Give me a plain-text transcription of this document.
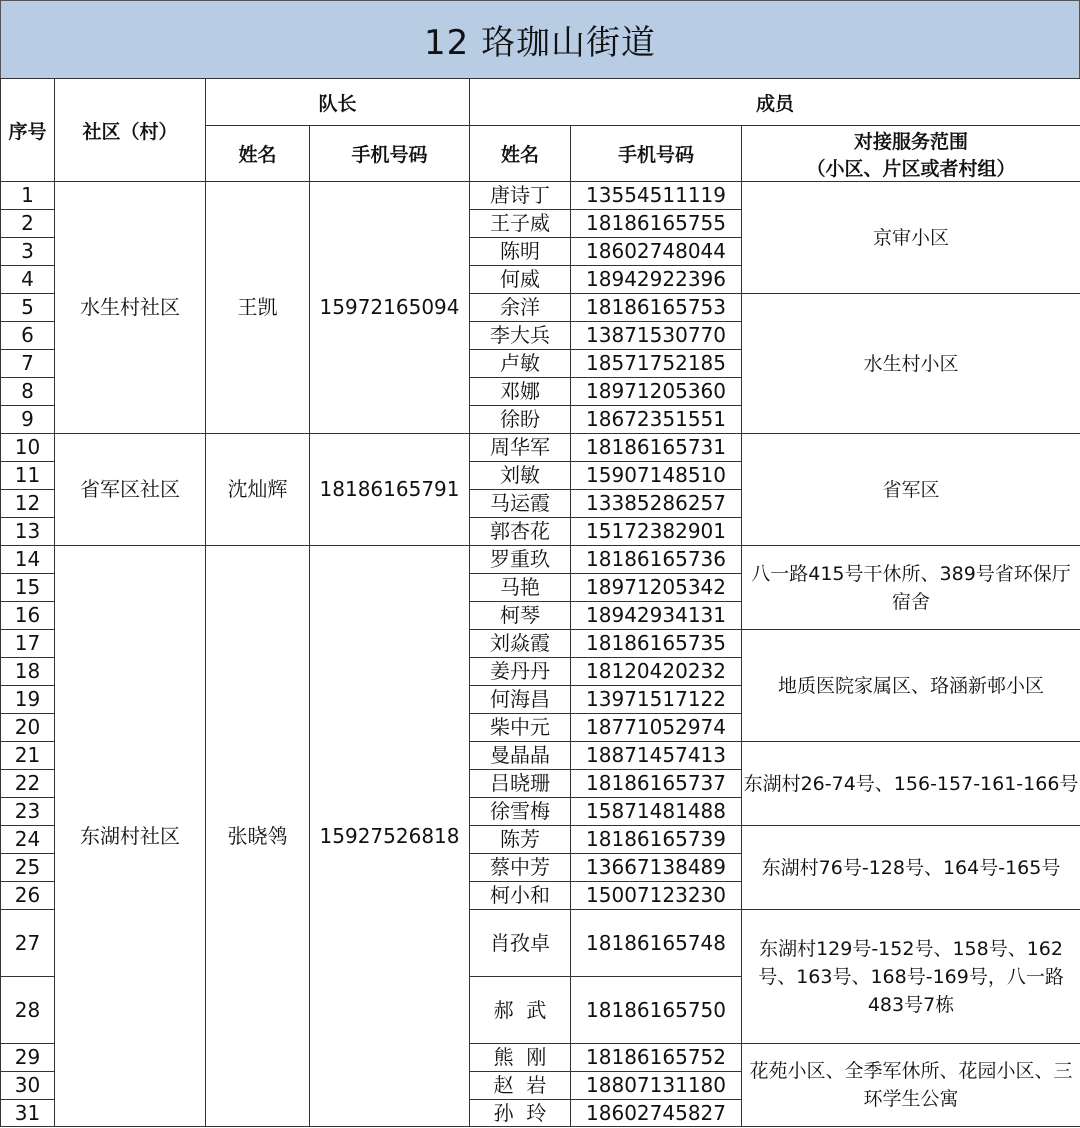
12 珞珈山街道
序号	社区（村）	队长		成员		
		姓名	手机号码	姓名	手机号码	对接服务范围
（小区、片区或者村组）

1	水生村社区	王凯	15972165094	唐诗丁	13554511119	京审小区
2				王子威	18186165755	
3				陈明	18602748044	
4				何威	18942922396	
5				余洋	18186165753	水生村小区
6				李大兵	13871530770	
7				卢敏	18571752185	
8				邓娜	18971205360	
9				徐盼	18672351551	
10	省军区社区	沈灿辉	18186165791	周华军	18186165731	省军区
11				刘敏	15907148510	
12				马运霞	13385286257	
13				郭杏花	15172382901	
14	东湖村社区	张晓鸰	15927526818	罗重玖	18186165736	八一路415号干休所、389号省环保厅宿舍
15				马艳	18971205342	
16				柯琴	18942934131	
17				刘焱霞	18186165735	地质医院家属区、珞涵新邨小区
18				姜丹丹	18120420232	
19				何海昌	13971517122	
20				柴中元	18771052974	
21				曼晶晶	18871457413	东湖村26-74号、156-157-161-166号
22				吕晓珊	18186165737	
23				徐雪梅	15871481488	
24				陈芳	18186165739	东湖村76号-128号、164号-165号
25				蔡中芳	13667138489	
26				柯小和	15007123230	
27				肖孜卓	18186165748	东湖村129号-152号、158号、162号、163号、168号-169号，八一路483号7栋
28				郝  武	18186165750	
29				熊  刚	18186165752	花苑小区、全季军休所、花园小区、三环学生公寓
30				赵  岩	18807131180	
31				孙  玲	18602745827	
